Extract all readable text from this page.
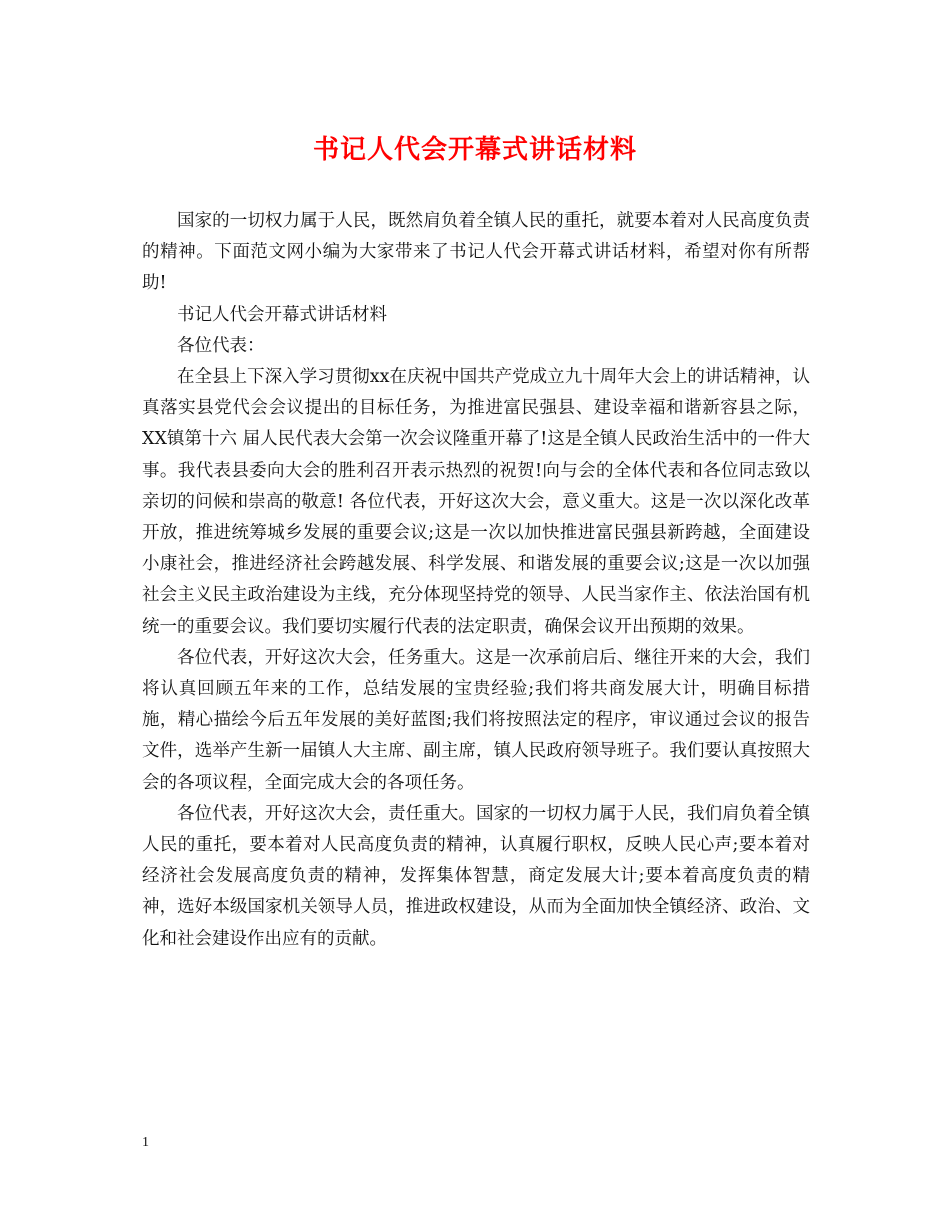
书记人代会开幕式讲话材料

国家的一切权力属于人民，既然肩负着全镇人民的重托，就要本着对人民高度负责的精神。下面范文网小编为大家带来了书记人代会开幕式讲话材料，希望对你有所帮助!

书记人代会开幕式讲话材料

各位代表：

在全县上下深入学习贯彻xx在庆祝中国共产党成立九十周年大会上的讲话精神，认真落实县党代会会议提出的目标任务，为推进富民强县、建设幸福和谐新容县之际，XX镇第十六 届人民代表大会第一次会议隆重开幕了!这是全镇人民政治生活中的一件大事。我代表县委向大会的胜利召开表示热烈的祝贺!向与会的全体代表和各位同志致以亲切的问候和崇高的敬意! 各位代表，开好这次大会，意义重大。这是一次以深化改革开放，推进统筹城乡发展的重要会议;这是一次以加快推进富民强县新跨越，全面建设小康社会，推进经济社会跨越发展、科学发展、和谐发展的重要会议;这是一次以加强社会主义民主政治建设为主线，充分体现坚持党的领导、人民当家作主、依法治国有机统一的重要会议。我们要切实履行代表的法定职责，确保会议开出预期的效果。

各位代表，开好这次大会，任务重大。这是一次承前启后、继往开来的大会，我们将认真回顾五年来的工作，总结发展的宝贵经验;我们将共商发展大计，明确目标措施，精心描绘今后五年发展的美好蓝图;我们将按照法定的程序，审议通过会议的报告文件，选举产生新一届镇人大主席、副主席，镇人民政府领导班子。我们要认真按照大会的各项议程，全面完成大会的各项任务。

各位代表，开好这次大会，责任重大。国家的一切权力属于人民，我们肩负着全镇人民的重托，要本着对人民高度负责的精神，认真履行职权，反映人民心声;要本着对经济社会发展高度负责的精神，发挥集体智慧，商定发展大计;要本着高度负责的精神，选好本级国家机关领导人员，推进政权建设，从而为全面加快全镇经济、政治、文化和社会建设作出应有的贡献。

1
